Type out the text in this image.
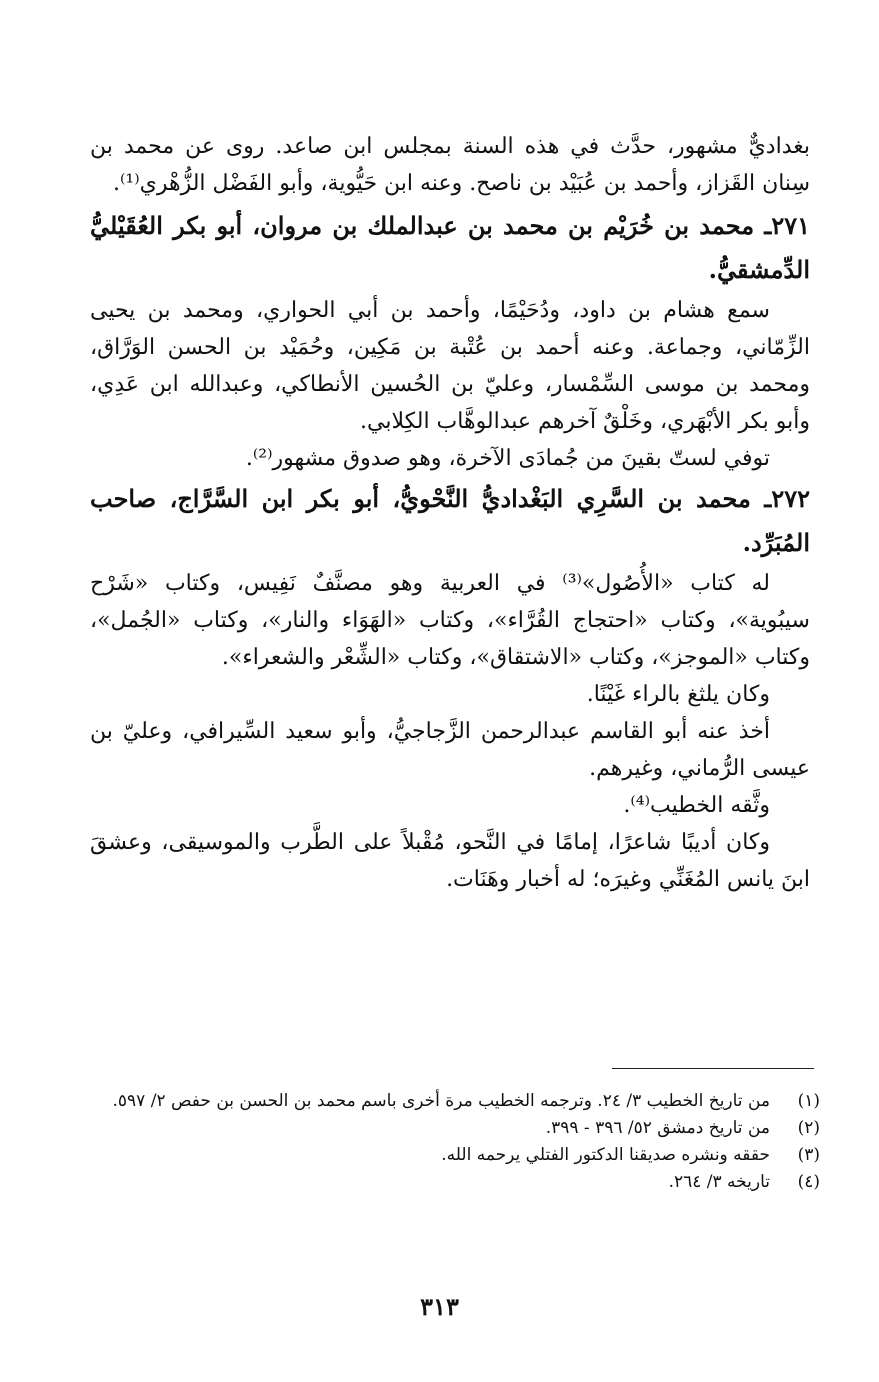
بغداديٌّ مشهور، حدَّث في هذه السنة بمجلس ابن صاعد. روى عن محمد بن سِنان القَزاز، وأحمد بن عُبَيْد بن ناصح. وعنه ابن حَيُّوية، وأبو الفَضْل الزُّهْري⁽¹⁾.

٢٧١ـ محمد بن خُرَيْم بن محمد بن عبدالملك بن مروان، أبو بكر العُقَيْليُّ الدِّمشقيُّ.

سمع هشام بن داود، ودُحَيْمًا، وأحمد بن أبي الحواري، ومحمد بن يحيى الزِّمّاني، وجماعة. وعنه أحمد بن عُتْبة بن مَكِين، وحُمَيْد بن الحسن الوَرَّاق، ومحمد بن موسى السِّمْسار، وعليّ بن الحُسين الأنطاكي، وعبدالله ابن عَدِي، وأبو بكر الأبْهَري، وخَلْقٌ آخرهم عبدالوهَّاب الكِلابي.

توفي لستّ بقينَ من جُمادَى الآخرة، وهو صدوق مشهور⁽²⁾.

٢٧٢ـ محمد بن السَّرِي البَغْداديُّ النَّحْويُّ، أبو بكر ابن السَّرَّاج، صاحب المُبَرِّد.

له كتاب «الأُصُول»⁽³⁾ في العربية وهو مصنَّفٌ نَفِيس، وكتاب «شَرْح سيبُوية»، وكتاب «احتجاج القُرَّاء»، وكتاب «الهَوَاء والنار»، وكتاب «الجُمل»، وكتاب «الموجز»، وكتاب «الاشتقاق»، وكتاب «الشِّعْر والشعراء».

وكان يلثغ بالراء غَيْنًا.

أخذ عنه أبو القاسم عبدالرحمن الزَّجاجيُّ، وأبو سعيد السِّيرافي، وعليّ بن عيسى الرُّماني، وغيرهم.

وثَّقه الخطيب⁽⁴⁾.

وكان أديبًا شاعرًا، إمامًا في النَّحو، مُقْبلاً على الطَّرب والموسيقى، وعشقَ ابنَ يانس المُغَنِّي وغيرَه؛ له أخبار وهَنَات.

(١)
من تاريخ الخطيب ٣/ ٢٤. وترجمه الخطيب مرة أخرى باسم محمد بن الحسن بن حفص ٢/ ٥٩٧.
(٢)
من تاريخ دمشق ٥٢/ ٣٩٦ - ٣٩٩.
(٣)
حققه ونشره صديقنا الدكتور الفتلي يرحمه الله.
(٤)
تاريخه ٣/ ٢٦٤.
٣١٣
